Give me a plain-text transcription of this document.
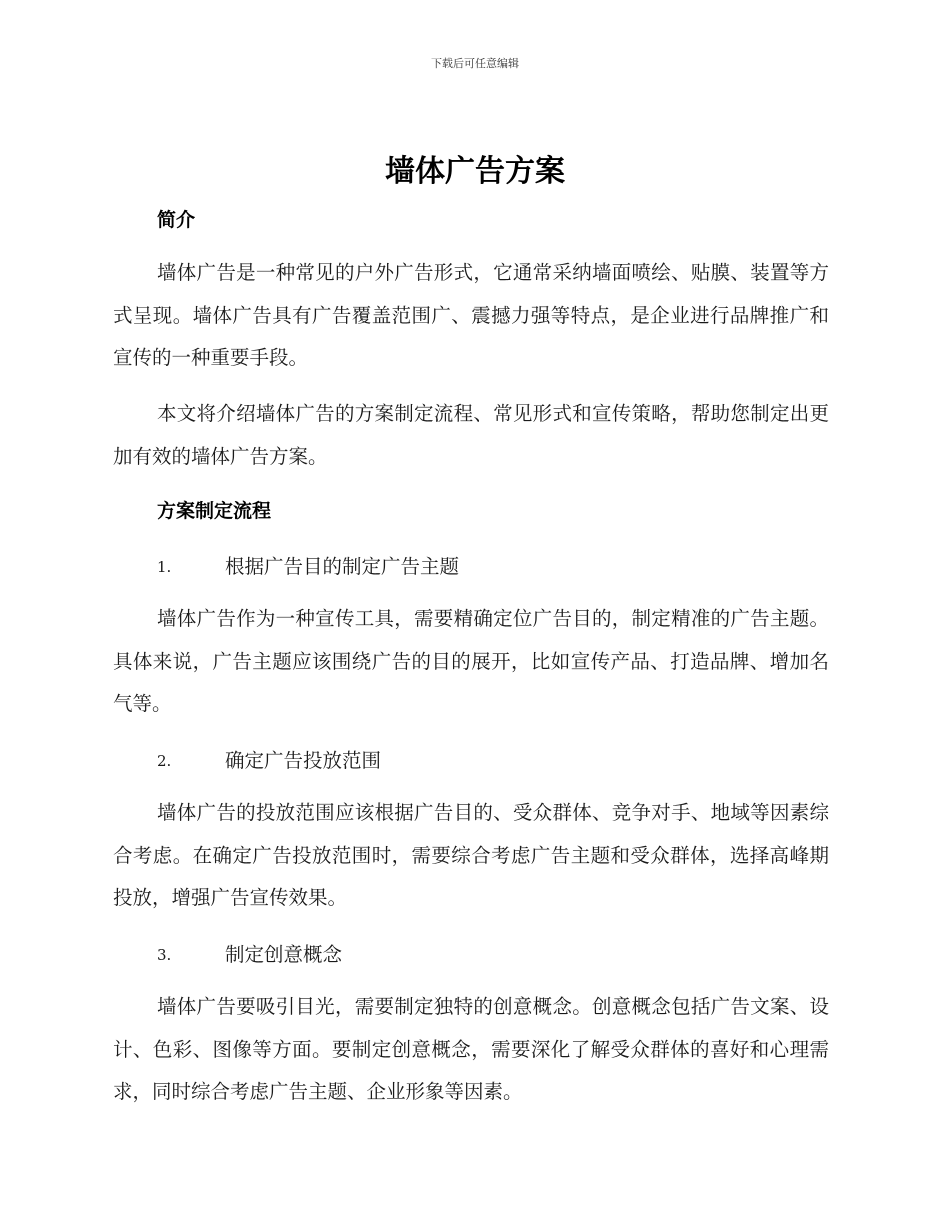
下载后可任意编辑
墙体广告方案
简介

墙体广告是一种常见的户外广告形式，它通常采纳墙面喷绘、贴膜、装置等方式呈现。墙体广告具有广告覆盖范围广、震撼力强等特点，是企业进行品牌推广和宣传的一种重要手段。

本文将介绍墙体广告的方案制定流程、常见形式和宣传策略，帮助您制定出更加有效的墙体广告方案。

方案制定流程
1.	根据广告目的制定广告主题

墙体广告作为一种宣传工具，需要精确定位广告目的，制定精准的广告主题。具体来说，广告主题应该围绕广告的目的展开，比如宣传产品、打造品牌、增加名气等。

2.	确定广告投放范围

墙体广告的投放范围应该根据广告目的、受众群体、竞争对手、地域等因素综合考虑。在确定广告投放范围时，需要综合考虑广告主题和受众群体，选择高峰期投放，增强广告宣传效果。

3.	制定创意概念

墙体广告要吸引目光，需要制定独特的创意概念。创意概念包括广告文案、设计、色彩、图像等方面。要制定创意概念，需要深化了解受众群体的喜好和心理需求，同时综合考虑广告主题、企业形象等因素。
